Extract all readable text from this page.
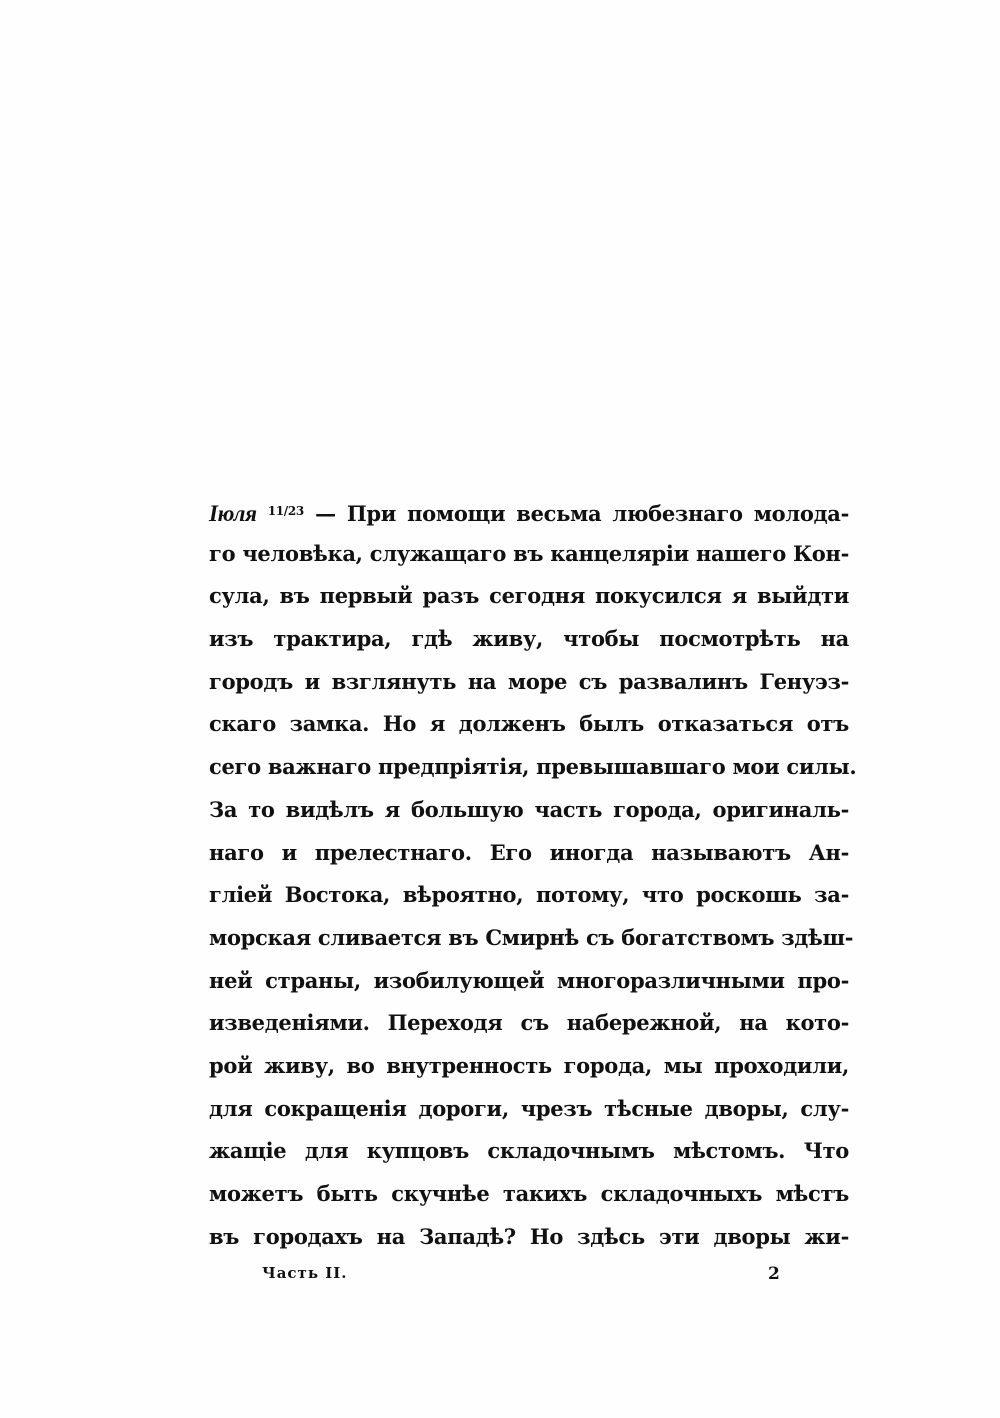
Іюля $^{11/23}$ — При помощи весьма любезнаго молода-
го человѣка, служащаго въ канцеляріи нашего Кон-
сула, въ первый разъ сегодня покусился я выйдти
изъ трактира, гдѣ живу, чтобы посмотрѣть на
городъ и взглянуть на море съ развалинъ Генуэз-
скаго замка. Но я долженъ былъ отказаться отъ
сего важнаго предпріятія, превышавшаго мои силы.
За то видѣлъ я большую часть города, оригиналь-
наго и прелестнаго. Его иногда называютъ Ан-
гліей Востока, вѣроятно, потому, что роскошь за-
морская сливается въ Смирнѣ съ богатствомъ здѣш-
ней страны, изобилующей многоразличными про-
изведеніями. Переходя съ набережной, на кото-
рой живу, во внутренность города, мы проходили,
для сокращенія дороги, чрезъ тѣсные дворы, слу-
жащіе для купцовъ складочнымъ мѣстомъ. Что
можетъ быть скучнѣе такихъ складочныхъ мѣстъ
въ городахъ на Западѣ? Но здѣсь эти дворы жи-
Часть II.	2
